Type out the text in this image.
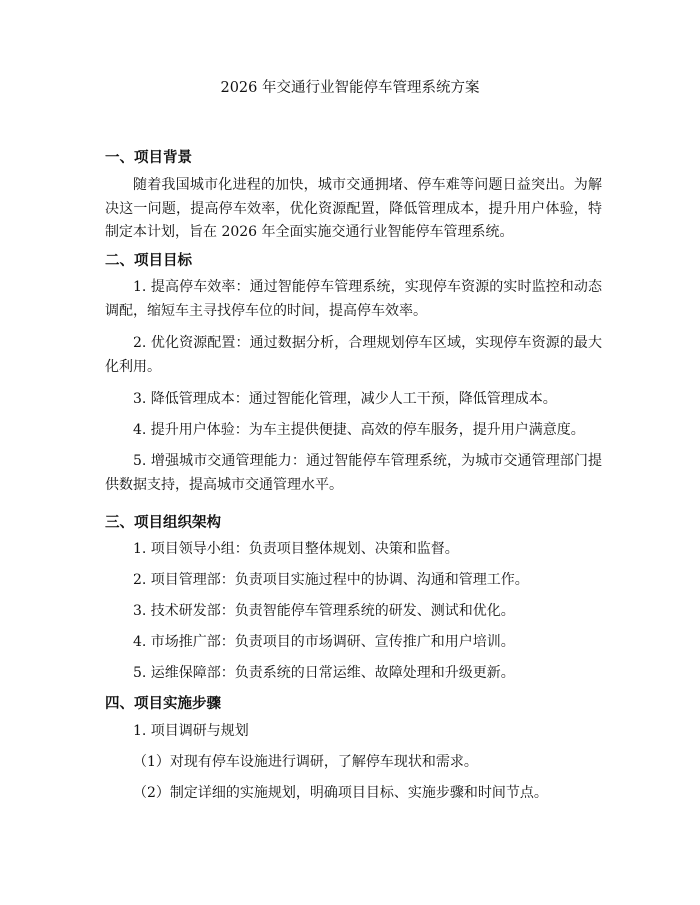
2026 年交通行业智能停车管理系统方案
一、项目背景

随着我国城市化进程的加快，城市交通拥堵、停车难等问题日益突出。为解决这一问题，提高停车效率，优化资源配置，降低管理成本，提升用户体验，特制定本计划，旨在 2026 年全面实施交通行业智能停车管理系统。

二、项目目标

1. 提高停车效率：通过智能停车管理系统，实现停车资源的实时监控和动态调配，缩短车主寻找停车位的时间，提高停车效率。

2. 优化资源配置：通过数据分析，合理规划停车区域，实现停车资源的最大化利用。

3. 降低管理成本：通过智能化管理，减少人工干预，降低管理成本。

4. 提升用户体验：为车主提供便捷、高效的停车服务，提升用户满意度。

5. 增强城市交通管理能力：通过智能停车管理系统，为城市交通管理部门提供数据支持，提高城市交通管理水平。

三、项目组织架构

1. 项目领导小组：负责项目整体规划、决策和监督。

2. 项目管理部：负责项目实施过程中的协调、沟通和管理工作。

3. 技术研发部：负责智能停车管理系统的研发、测试和优化。

4. 市场推广部：负责项目的市场调研、宣传推广和用户培训。

5. 运维保障部：负责系统的日常运维、故障处理和升级更新。

四、项目实施步骤

1. 项目调研与规划

（1）对现有停车设施进行调研，了解停车现状和需求。

（2）制定详细的实施规划，明确项目目标、实施步骤和时间节点。
